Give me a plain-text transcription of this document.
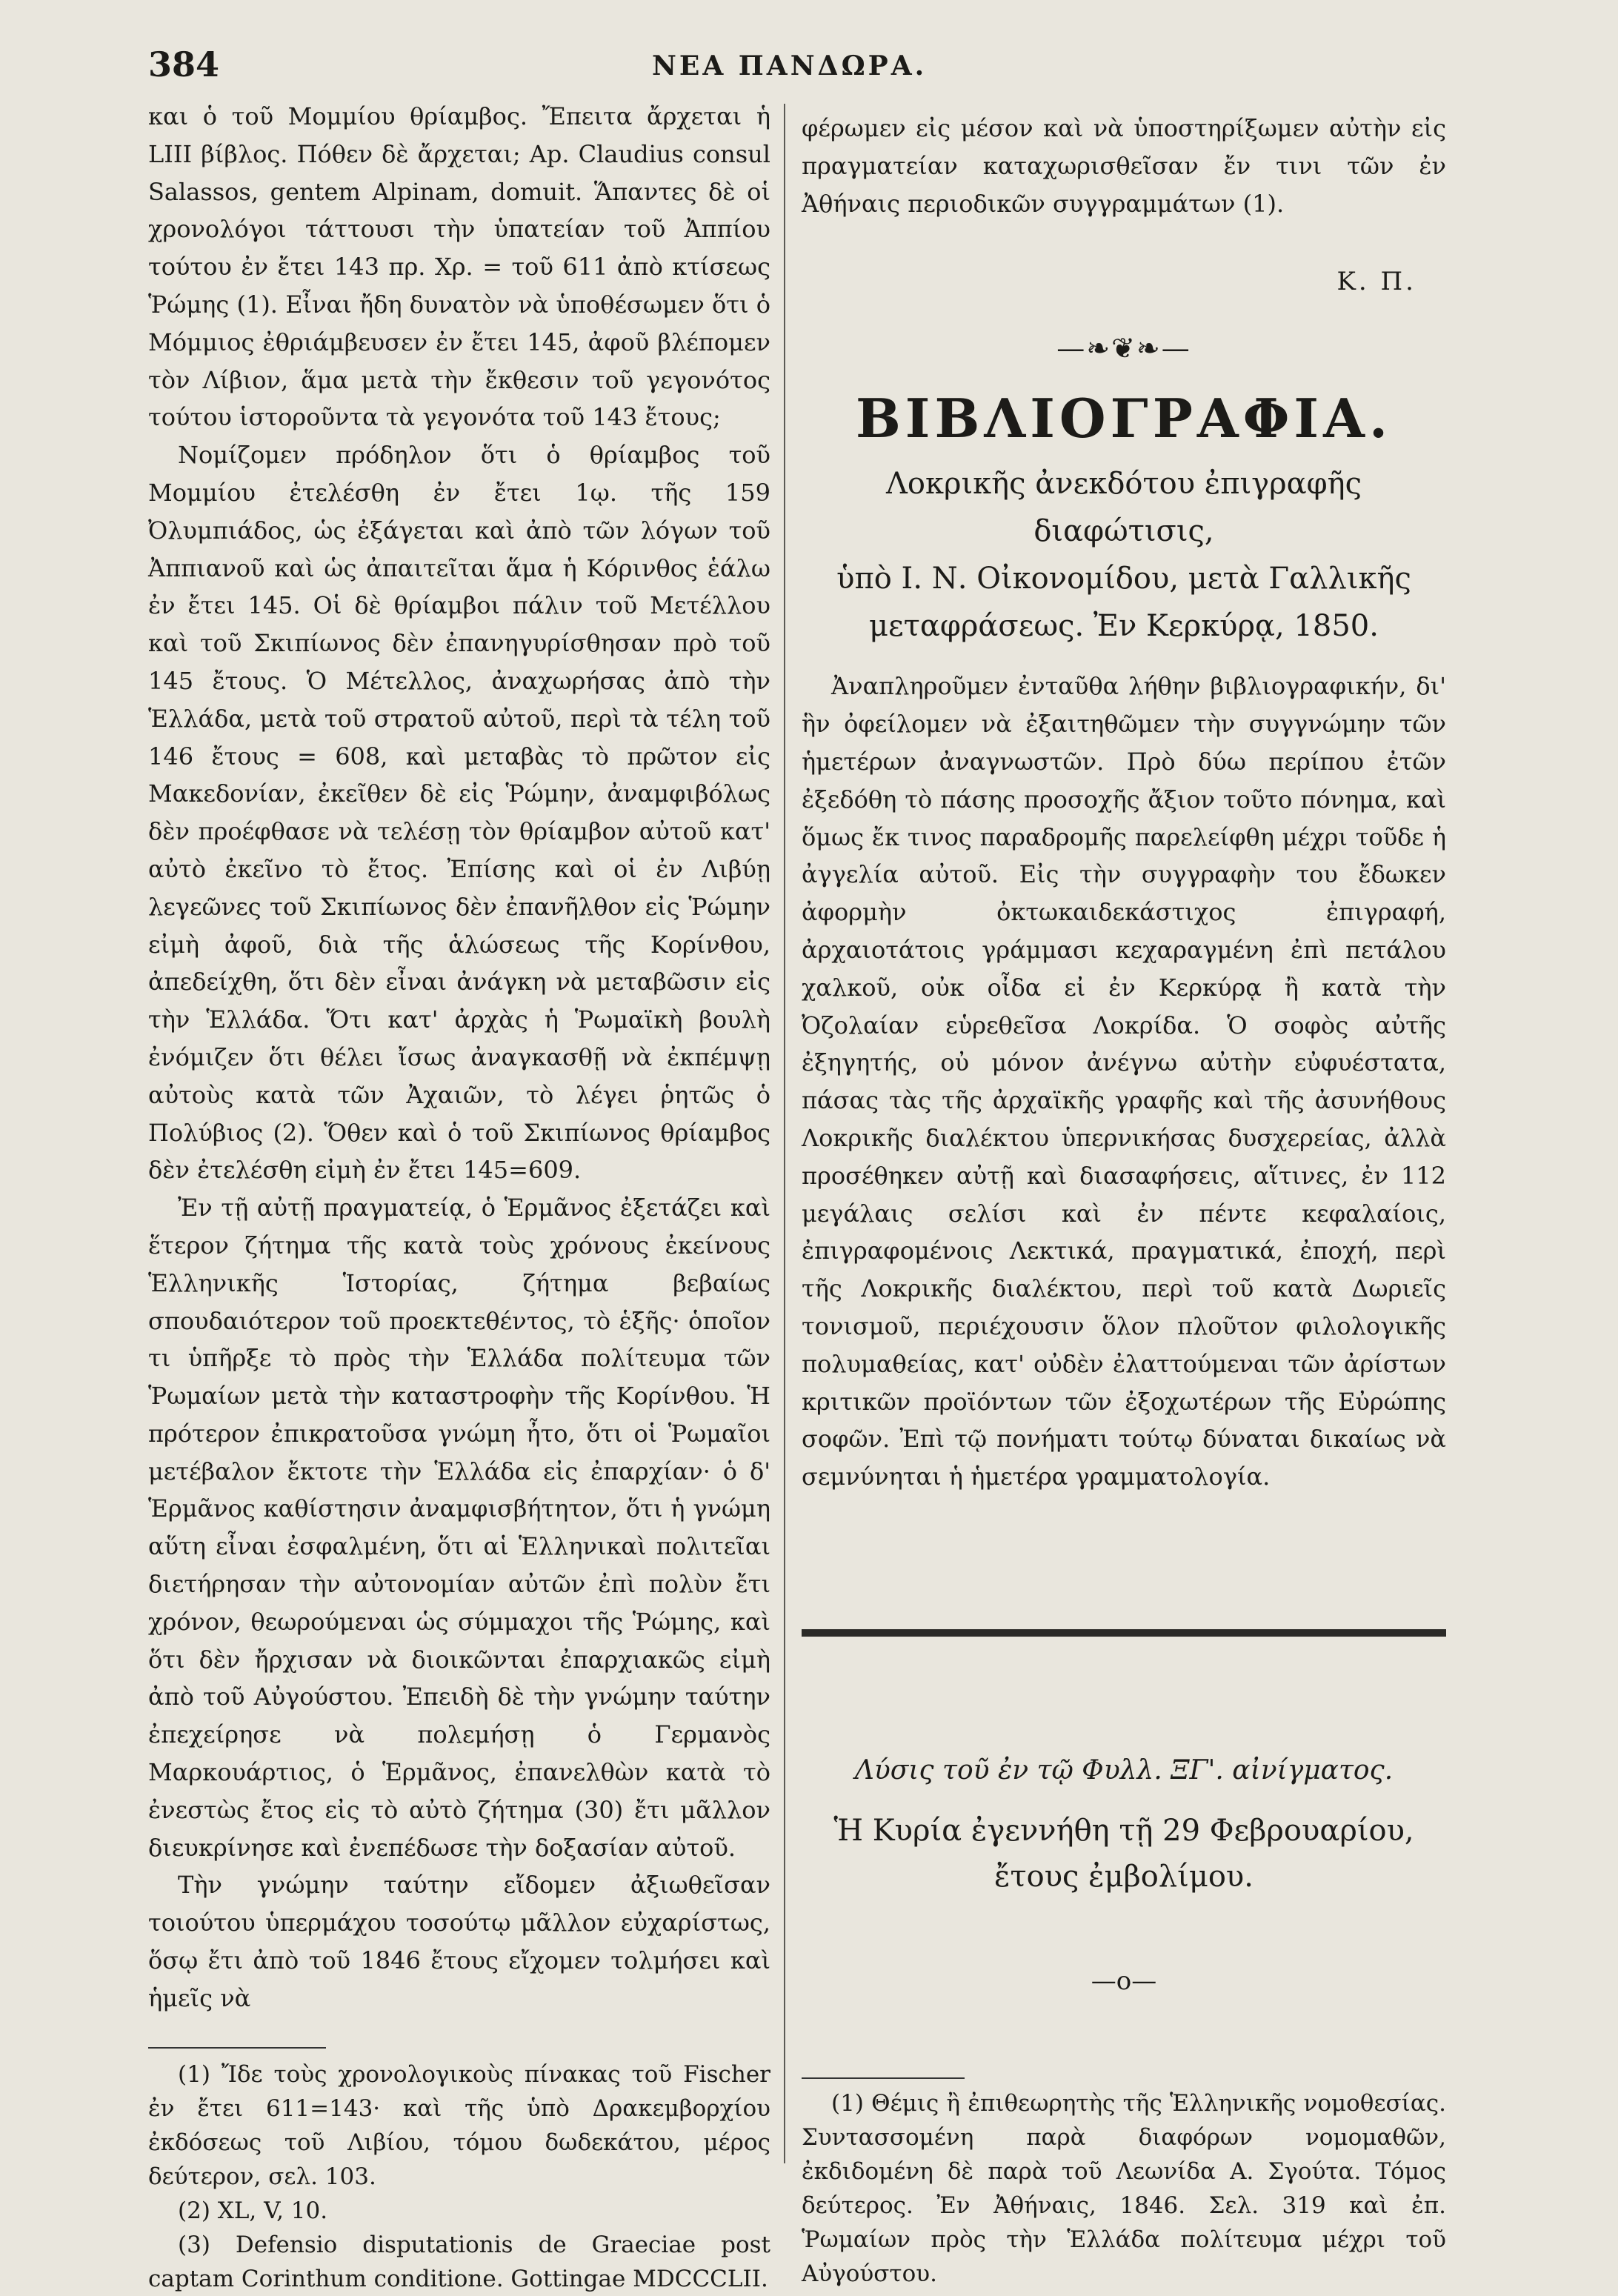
384	ΝΕΑ ΠΑΝΔΩΡΑ.

και ὁ τοῦ Μομμίου θρίαμβος. Ἔπειτα ἄρχεται ἡ LIII βίβλος. Πόθεν δὲ ἄρχεται; Ap. Claudius consul Salassos, gentem Alpinam, domuit. Ἅπαντες δὲ οἱ χρονολόγοι τάττουσι τὴν ὑπατείαν τοῦ Ἀππίου τούτου ἐν ἔτει 143 πρ. Χρ. = τοῦ 611 ἀπὸ κτίσεως Ῥώμης (1). Εἶναι ἤδη δυνατὸν νὰ ὑποθέσωμεν ὅτι ὁ Μόμμιος ἐθριάμβευσεν ἐν ἔτει 145, ἀφοῦ βλέπομεν τὸν Λίβιον, ἅμα μετὰ τὴν ἔκθεσιν τοῦ γεγονότος τούτου ἱστοροῦντα τὰ γεγονότα τοῦ 143 ἔτους;

Νομίζομεν πρόδηλον ὅτι ὁ θρίαμβος τοῦ Μομμίου ἐτελέσθη ἐν ἔτει 1ῳ. τῆς 159 Ὀλυμπιάδος, ὡς ἐξάγεται καὶ ἀπὸ τῶν λόγων τοῦ Ἀππιανοῦ καὶ ὡς ἀπαιτεῖται ἅμα ἡ Κόρινθος ἑάλω ἐν ἔτει 145. Οἱ δὲ θρίαμβοι πάλιν τοῦ Μετέλλου καὶ τοῦ Σκιπίωνος δὲν ἐπανηγυρίσθησαν πρὸ τοῦ 145 ἔτους. Ὁ Μέτελλος, ἀναχωρήσας ἀπὸ τὴν Ἑλλάδα, μετὰ τοῦ στρατοῦ αὐτοῦ, περὶ τὰ τέλη τοῦ 146 ἔτους = 608, καὶ μεταβὰς τὸ πρῶτον εἰς Μακεδονίαν, ἐκεῖθεν δὲ εἰς Ῥώμην, ἀναμφιβόλως δὲν προέφθασε νὰ τελέσῃ τὸν θρίαμβον αὐτοῦ κατ' αὐτὸ ἐκεῖνο τὸ ἔτος. Ἐπίσης καὶ οἱ ἐν Λιβύῃ λεγεῶνες τοῦ Σκιπίωνος δὲν ἐπανῆλθον εἰς Ῥώμην εἰμὴ ἀφοῦ, διὰ τῆς ἁλώσεως τῆς Κορίνθου, ἀπεδείχθη, ὅτι δὲν εἶναι ἀνάγκη νὰ μεταβῶσιν εἰς τὴν Ἑλλάδα. Ὅτι κατ' ἀρχὰς ἡ Ῥωμαϊκὴ βουλὴ ἐνόμιζεν ὅτι θέλει ἴσως ἀναγκασθῇ νὰ ἐκπέμψῃ αὐτοὺς κατὰ τῶν Ἀχαιῶν, τὸ λέγει ῥητῶς ὁ Πολύβιος (2). Ὅθεν καὶ ὁ τοῦ Σκιπίωνος θρίαμβος δὲν ἐτελέσθη εἰμὴ ἐν ἔτει 145=609.

Ἐν τῇ αὐτῇ πραγματείᾳ, ὁ Ἑρμᾶνος ἐξετάζει καὶ ἕτερον ζήτημα τῆς κατὰ τοὺς χρόνους ἐκείνους Ἑλληνικῆς Ἱστορίας, ζήτημα βεβαίως σπουδαιότερον τοῦ προεκτεθέντος, τὸ ἑξῆς· ὁποῖον τι ὑπῆρξε τὸ πρὸς τὴν Ἑλλάδα πολίτευμα τῶν Ῥωμαίων μετὰ τὴν καταστροφὴν τῆς Κορίνθου. Ἡ πρότερον ἐπικρατοῦσα γνώμη ἦτο, ὅτι οἱ Ῥωμαῖοι μετέβαλον ἔκτοτε τὴν Ἑλλάδα εἰς ἐπαρχίαν· ὁ δ' Ἑρμᾶνος καθίστησιν ἀναμφισβήτητον, ὅτι ἡ γνώμη αὕτη εἶναι ἐσφαλμένη, ὅτι αἱ Ἑλληνικαὶ πολιτεῖαι διετήρησαν τὴν αὐτονομίαν αὐτῶν ἐπὶ πολὺν ἔτι χρόνον, θεωρούμεναι ὡς σύμμαχοι τῆς Ῥώμης, καὶ ὅτι δὲν ἤρχισαν νὰ διοικῶνται ἐπαρχιακῶς εἰμὴ ἀπὸ τοῦ Αὐγούστου. Ἐπειδὴ δὲ τὴν γνώμην ταύτην ἐπεχείρησε νὰ πολεμήσῃ ὁ Γερμανὸς Μαρκουάρτιος, ὁ Ἑρμᾶνος, ἐπανελθὼν κατὰ τὸ ἐνεστὼς ἔτος εἰς τὸ αὐτὸ ζήτημα (30) ἔτι μᾶλλον διευκρίνησε καὶ ἐνεπέδωσε τὴν δοξασίαν αὐτοῦ.

Τὴν γνώμην ταύτην εἴδομεν ἀξιωθεῖσαν τοιούτου ὑπερμάχου τοσούτῳ μᾶλλον εὐχαρίστως, ὅσῳ ἔτι ἀπὸ τοῦ 1846 ἔτους εἴχομεν τολμήσει καὶ ἡμεῖς νὰ

(1) Ἴδε τοὺς χρονολογικοὺς πίνακας τοῦ Fischer ἐν ἔτει 611=143· καὶ τῆς ὑπὸ Δρακεμβορχίου ἐκδόσεως τοῦ Λιβίου, τόμου δωδεκάτου, μέρος δεύτερον, σελ. 103.

(2) XL, V, 10.

(3) Defensio disputationis de Graeciae post captam Corinthum conditione. Gottingae MDCCCLII.

φέρωμεν εἰς μέσον καὶ νὰ ὑποστηρίξωμεν αὐτὴν εἰς πραγματείαν καταχωρισθεῖσαν ἔν τινι τῶν ἐν Ἀθήναις περιοδικῶν συγγραμμάτων (1).

Κ. Π.
—❧❦❧—
ΒΙΒΛΙΟΓΡΑΦΙΑ.
Λοκρικῆς ἀνεκδότου ἐπιγραφῆς διαφώτισις,
ὑπὸ Ι. Ν. Οἰκονομίδου, μετὰ Γαλλικῆς
μεταφράσεως. Ἐν Κερκύρᾳ, 1850.

Ἀναπληροῦμεν ἐνταῦθα λήθην βιβλιογραφικήν, δι' ἣν ὀφείλομεν νὰ ἐξαιτηθῶμεν τὴν συγγνώμην τῶν ἡμετέρων ἀναγνωστῶν. Πρὸ δύω περίπου ἐτῶν ἐξεδόθη τὸ πάσης προσοχῆς ἄξιον τοῦτο πόνημα, καὶ ὅμως ἔκ τινος παραδρομῆς παρελείφθη μέχρι τοῦδε ἡ ἀγγελία αὐτοῦ. Εἰς τὴν συγγραφὴν του ἔδωκεν ἀφορμὴν ὀκτωκαιδεκάστιχος ἐπιγραφή, ἀρχαιοτάτοις γράμμασι κεχαραγμένη ἐπὶ πετάλου χαλκοῦ, οὐκ οἶδα εἰ ἐν Κερκύρᾳ ἢ κατὰ τὴν Ὀζολαίαν εὑρεθεῖσα Λοκρίδα. Ὁ σοφὸς αὐτῆς ἐξηγητής, οὐ μόνον ἀνέγνω αὐτὴν εὐφυέστατα, πάσας τὰς τῆς ἀρχαϊκῆς γραφῆς καὶ τῆς ἀσυνήθους Λοκρικῆς διαλέκτου ὑπερνικήσας δυσχερείας, ἀλλὰ προσέθηκεν αὐτῇ καὶ διασαφήσεις, αἵτινες, ἐν 112 μεγάλαις σελίσι καὶ ἐν πέντε κεφαλαίοις, ἐπιγραφομένοις Λεκτικά, πραγματικά, ἐποχή, περὶ τῆς Λοκρικῆς διαλέκτου, περὶ τοῦ κατὰ Δωριεῖς τονισμοῦ, περιέχουσιν ὅλον πλοῦτον φιλολογικῆς πολυμαθείας, κατ' οὐδὲν ἐλαττούμεναι τῶν ἀρίστων κριτικῶν προϊόντων τῶν ἐξοχωτέρων τῆς Εὐρώπης σοφῶν. Ἐπὶ τῷ πονήματι τούτῳ δύναται δικαίως νὰ σεμνύνηται ἡ ἡμετέρα γραμματολογία.

Λύσις τοῦ ἐν τῷ Φυλλ. ΞΓ'. αἰνίγματος.
Ἡ Κυρία ἐγεννήθη τῇ 29 Φεβρουαρίου,
ἔτους ἐμβολίμου.
—o—

(1) Θέμις ἢ ἐπιθεωρητὴς τῆς Ἑλληνικῆς νομοθεσίας. Συντασσομένη παρὰ διαφόρων νομομαθῶν, ἐκδιδομένη δὲ παρὰ τοῦ Λεωνίδα Α. Σγούτα. Τόμος δεύτερος. Ἐν Ἀθήναις, 1846. Σελ. 319 καὶ ἐπ. Ῥωμαίων πρὸς τὴν Ἑλλάδα πολίτευμα μέχρι τοῦ Αὐγούστου.
